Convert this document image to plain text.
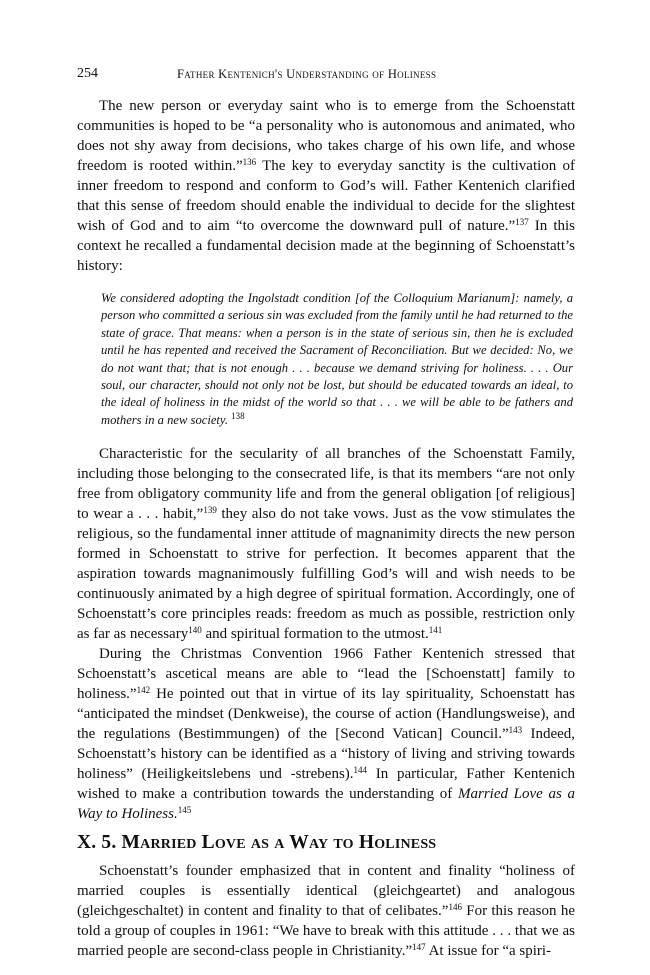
254	Father Kentenich's Understanding of Holiness

The new person or everyday saint who is to emerge from the Schoenstatt communities is hoped to be “a personality who is autonomous and animated, who does not shy away from decisions, who takes charge of his own life, and whose freedom is rooted within.”$^{136}$ The key to everyday sanctity is the cultivation of inner freedom to respond and conform to God’s will. Father Kentenich clarified that this sense of freedom should enable the individual to decide for the slightest wish of God and to aim “to overcome the downward pull of nature.”$^{137}$ In this context he recalled a fundamental decision made at the beginning of Schoenstatt’s history:

We considered adopting the Ingolstadt condition [of the Colloquium Marianum]: namely, a person who committed a serious sin was excluded from the family until he had returned to the state of grace. That means: when a person is in the state of serious sin, then he is excluded until he has repented and received the Sacrament of Reconciliation. But we decided: No, we do not want that; that is not enough . . . because we demand striving for holiness. . . . Our soul, our character, should not only not be lost, but should be educated towards an ideal, to the ideal of holiness in the midst of the world so that . . . we will be able to be fathers and mothers in a new society. $^{138}$

Characteristic for the secularity of all branches of the Schoenstatt Family, including those belonging to the consecrated life, is that its members “are not only free from obligatory community life and from the general obligation [of religious] to wear a . . . habit,”$^{139}$ they also do not take vows. Just as the vow stimulates the religious, so the fundamental inner attitude of magnanimity directs the new person formed in Schoenstatt to strive for perfection. It becomes apparent that the aspiration towards magnanimously fulfilling God’s will and wish needs to be continuously animated by a high degree of spiritual formation. Accordingly, one of Schoenstatt’s core principles reads: freedom as much as possible, restriction only as far as necessary$^{140}$ and spiritual formation to the utmost.$^{141}$

During the Christmas Convention 1966 Father Kentenich stressed that Schoenstatt’s ascetical means are able to “lead the [Schoenstatt] family to holiness.”$^{142}$ He pointed out that in virtue of its lay spirituality, Schoenstatt has “anticipated the mindset (Denkweise), the course of action (Handlungsweise), and the regulations (Bestimmungen) of the [Second Vatican] Council.”$^{143}$ Indeed, Schoenstatt’s history can be identified as a “history of living and striving towards holiness” (Heiligkeitslebens und -strebens).$^{144}$ In particular, Father Kentenich wished to make a contribution towards the understanding of Married Love as a Way to Holiness.$^{145}$

X. 5. Married Love as a Way to Holiness

Schoenstatt’s founder emphasized that in content and finality “holiness of married couples is essentially identical (gleichgeartet) and analogous (gleichgeschaltet) in content and finality to that of celibates.”$^{146}$ For this reason he told a group of couples in 1961: “We have to break with this attitude . . . that we as married people are second-class people in Christianity.”$^{147}$ At issue for “a spiri-
